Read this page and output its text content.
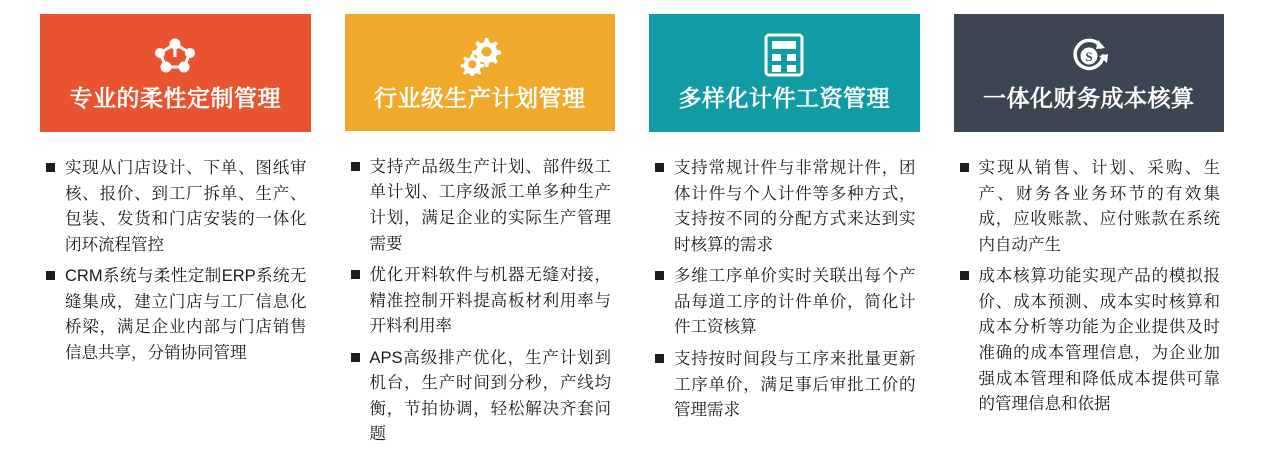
专业的柔性定制管理
实现从门店设计、下单、图纸审核、报价、到工厂拆单、生产、包装、发货和门店安装的一体化闭环流程管控
CRM系统与柔性定制ERP系统无缝集成，建立门店与工厂信息化桥梁，满足企业内部与门店销售信息共享，分销协同管理
行业级生产计划管理
支持产品级生产计划、部件级工单计划、工序级派工单多种生产计划，满足企业的实际生产管理需要
优化开料软件与机器无缝对接，精准控制开料提高板材利用率与开料利用率
APS高级排产优化，生产计划到机台，生产时间到分秒，产线均衡，节拍协调，轻松解决齐套问题
多样化计件工资管理
支持常规计件与非常规计件，团体计件与个人计件等多种方式，支持按不同的分配方式来达到实时核算的需求
多维工序单价实时关联出每个产品每道工序的计件单价，简化计件工资核算
支持按时间段与工序来批量更新工序单价，满足事后审批工价的管理需求
S
一体化财务成本核算
实现从销售、计划、采购、生产、财务各业务环节的有效集成，应收账款、应付账款在系统内自动产生
成本核算功能实现产品的模拟报价、成本预测、成本实时核算和成本分析等功能为企业提供及时准确的成本管理信息，为企业加强成本管理和降低成本提供可靠的管理信息和依据
